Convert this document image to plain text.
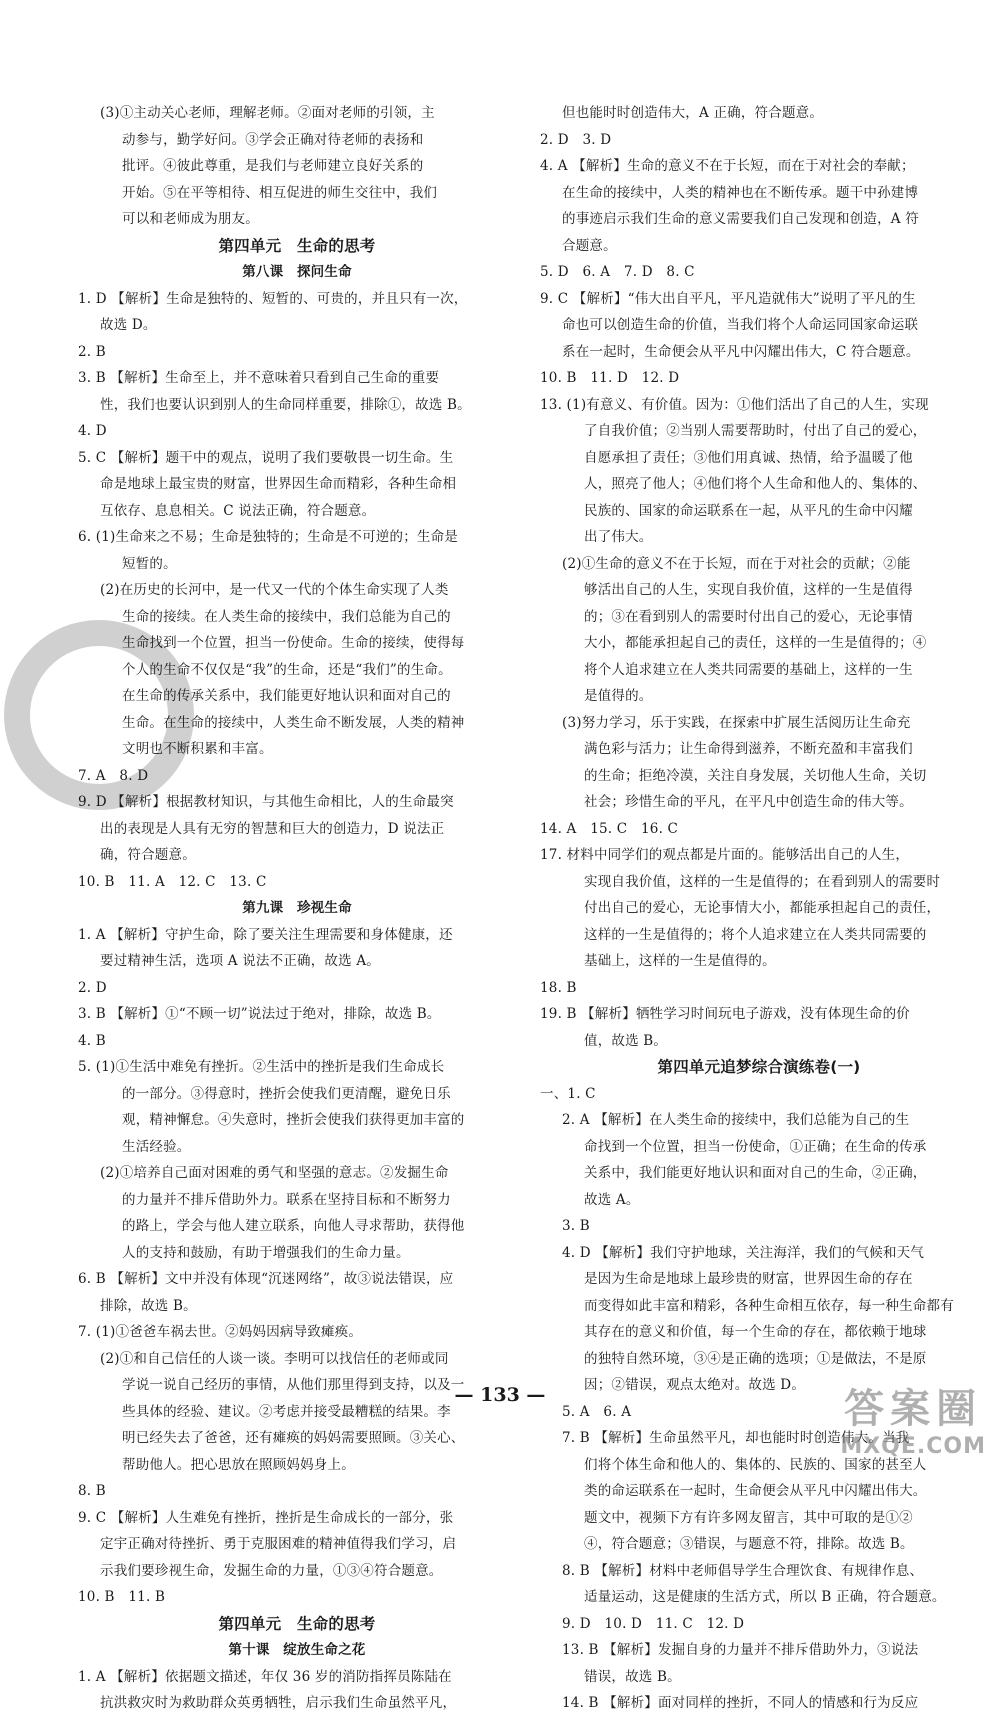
(3)①主动关心老师，理解老师。②面对老师的引领，主
动参与，勤学好问。③学会正确对待老师的表扬和
批评。④彼此尊重，是我们与老师建立良好关系的
开始。⑤在平等相待、相互促进的师生交往中，我们
可以和老师成为朋友。
第四单元　生命的思考
第八课　探问生命
1. D 【解析】生命是独特的、短暂的、可贵的，并且只有一次，
故选 D。
2. B
3. B 【解析】生命至上，并不意味着只看到自己生命的重要
性，我们也要认识到别人的生命同样重要，排除①，故选 B。
4. D
5. C 【解析】题干中的观点，说明了我们要敬畏一切生命。生
命是地球上最宝贵的财富，世界因生命而精彩，各种生命相
互依存、息息相关。C 说法正确，符合题意。
6. (1)生命来之不易；生命是独特的；生命是不可逆的；生命是
短暂的。
(2)在历史的长河中，是一代又一代的个体生命实现了人类
生命的接续。在人类生命的接续中，我们总能为自己的
生命找到一个位置，担当一份使命。生命的接续，使得每
个人的生命不仅仅是“我”的生命，还是“我们”的生命。
在生命的传承关系中，我们能更好地认识和面对自己的
生命。在生命的接续中，人类生命不断发展，人类的精神
文明也不断积累和丰富。
7. A　8. D
9. D 【解析】根据教材知识，与其他生命相比，人的生命最突
出的表现是人具有无穷的智慧和巨大的创造力，D 说法正
确，符合题意。
10. B　11. A　12. C　13. C
第九课　珍视生命
1. A 【解析】守护生命，除了要关注生理需要和身体健康，还
要过精神生活，选项 A 说法不正确，故选 A。
2. D
3. B 【解析】①“不顾一切”说法过于绝对，排除，故选 B。
4. B
5. (1)①生活中难免有挫折。②生活中的挫折是我们生命成长
的一部分。③得意时，挫折会使我们更清醒，避免日乐
观，精神懈怠。④失意时，挫折会使我们获得更加丰富的
生活经验。
(2)①培养自己面对困难的勇气和坚强的意志。②发掘生命
的力量并不排斥借助外力。联系在坚持目标和不断努力
的路上，学会与他人建立联系，向他人寻求帮助，获得他
人的支持和鼓励，有助于增强我们的生命力量。
6. B 【解析】文中并没有体现“沉迷网络”，故③说法错误，应
排除，故选 B。
7. (1)①爸爸车祸去世。②妈妈因病导致瘫痪。
(2)①和自己信任的人谈一谈。李明可以找信任的老师或同
学说一说自己经历的事情，从他们那里得到支持，以及一
些具体的经验、建议。②考虑并接受最糟糕的结果。李
明已经失去了爸爸，还有瘫痪的妈妈需要照顾。③关心、
帮助他人。把心思放在照顾妈妈身上。
8. B
9. C 【解析】人生难免有挫折，挫折是生命成长的一部分，张
定宇正确对待挫折、勇于克服困难的精神值得我们学习，启
示我们要珍视生命，发掘生命的力量，①③④符合题意。
10. B　11. B
第四单元　生命的思考
第十课　绽放生命之花
1. A 【解析】依据题文描述，年仅 36 岁的消防指挥员陈陆在
抗洪救灾时为救助群众英勇牺牲，启示我们生命虽然平凡，
但也能时时创造伟大，A 正确，符合题意。
2. D　3. D
4. A 【解析】生命的意义不在于长短，而在于对社会的奉献；
在生命的接续中，人类的精神也在不断传承。题干中孙建博
的事迹启示我们生命的意义需要我们自己发现和创造，A 符
合题意。
5. D　6. A　7. D　8. C
9. C 【解析】“伟大出自平凡，平凡造就伟大”说明了平凡的生
命也可以创造生命的价值，当我们将个人命运同国家命运联
系在一起时，生命便会从平凡中闪耀出伟大，C 符合题意。
10. B　11. D　12. D
13. (1)有意义、有价值。因为：①他们活出了自己的人生，实现
了自我价值；②当别人需要帮助时，付出了自己的爱心，
自愿承担了责任；③他们用真诚、热情，给予温暖了他
人，照亮了他人；④他们将个人生命和他人的、集体的、
民族的、国家的命运联系在一起，从平凡的生命中闪耀
出了伟大。
(2)①生命的意义不在于长短，而在于对社会的贡献；②能
够活出自己的人生，实现自我价值，这样的一生是值得
的；③在看到别人的需要时付出自己的爱心，无论事情
大小，都能承担起自己的责任，这样的一生是值得的；④
将个人追求建立在人类共同需要的基础上，这样的一生
是值得的。
(3)努力学习，乐于实践，在探索中扩展生活阅历让生命充
满色彩与活力；让生命得到滋养，不断充盈和丰富我们
的生命；拒绝冷漠，关注自身发展，关切他人生命，关切
社会；珍惜生命的平凡，在平凡中创造生命的伟大等。
14. A　15. C　16. C
17. 材料中同学们的观点都是片面的。能够活出自己的人生，
实现自我价值，这样的一生是值得的；在看到别人的需要时
付出自己的爱心，无论事情大小，都能承担起自己的责任，
这样的一生是值得的；将个人追求建立在人类共同需要的
基础上，这样的一生是值得的。
18. B
19. B 【解析】牺牲学习时间玩电子游戏，没有体现生命的价
值，故选 B。
第四单元追梦综合演练卷(一)
一、1. C
2. A 【解析】在人类生命的接续中，我们总能为自己的生
命找到一个位置，担当一份使命，①正确；在生命的传承
关系中，我们能更好地认识和面对自己的生命，②正确，
故选 A。
3. B
4. D 【解析】我们守护地球，关注海洋，我们的气候和天气
是因为生命是地球上最珍贵的财富，世界因生命的存在
而变得如此丰富和精彩，各种生命相互依存，每一种生命都有
其存在的意义和价值，每一个生命的存在，都依赖于地球
的独特自然环境，③④是正确的选项；①是做法，不是原
因；②错误，观点太绝对。故选 D。
5. A　6. A
7. B 【解析】生命虽然平凡，却也能时时创造伟大。当我
们将个体生命和他人的、集体的、民族的、国家的甚至人
类的命运联系在一起时，生命便会从平凡中闪耀出伟大。
题文中，视频下方有许多网友留言，其中可取的是①②
④，符合题意；③错误，与题意不符，排除。故选 B。
8. B 【解析】材料中老师倡导学生合理饮食、有规律作息、
适量运动，这是健康的生活方式，所以 B 正确，符合题意。
9. D　10. D　11. C　12. D
13. B 【解析】发掘自身的力量并不排斥借助外力，③说法
错误，故选 B。
14. B 【解析】面对同样的挫折，不同人的情感和行为反应
— 133 —	答案圈
MXQE.COM
